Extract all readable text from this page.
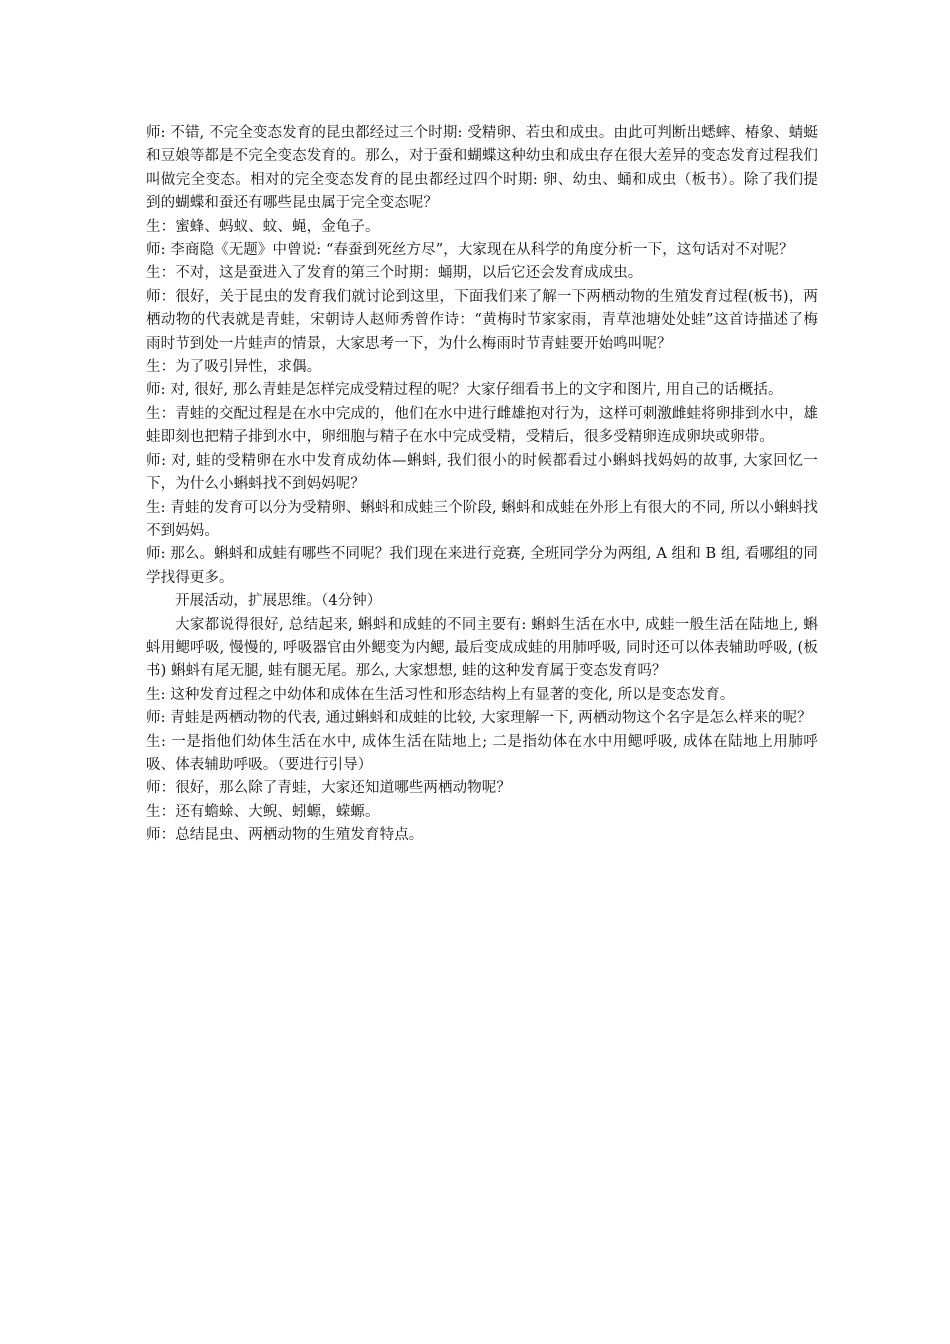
师: 不错, 不完全变态发育的昆虫都经过三个时期: 受精卵、若虫和成虫。由此可判断出蟋蟀、椿象、蜻蜓和豆娘等都是不完全变态发育的。那么，对于蚕和蝴蝶这种幼虫和成虫存在很大差异的变态发育过程我们叫做完全变态。相对的完全变态发育的昆虫都经过四个时期: 卵、幼虫、蛹和成虫（板书）。除了我们提到的蝴蝶和蚕还有哪些昆虫属于完全变态呢？

生：蜜蜂、蚂蚁、蚊、蝇，金龟子。

师: 李商隐《无题》中曾说: “春蚕到死丝方尽”，大家现在从科学的角度分析一下，这句话对不对呢？

生：不对，这是蚕进入了发育的第三个时期：蛹期，以后它还会发育成成虫。

师：很好，关于昆虫的发育我们就讨论到这里，下面我们来了解一下两栖动物的生殖发育过程(板书)，两栖动物的代表就是青蛙，宋朝诗人赵师秀曾作诗：“黄梅时节家家雨，青草池塘处处蛙”这首诗描述了梅雨时节到处一片蛙声的情景，大家思考一下，为什么梅雨时节青蛙要开始鸣叫呢？

生：为了吸引异性，求偶。

师: 对, 很好, 那么青蛙是怎样完成受精过程的呢？大家仔细看书上的文字和图片, 用自己的话概括。

生：青蛙的交配过程是在水中完成的，他们在水中进行雌雄抱对行为，这样可刺激雌蛙将卵排到水中，雄蛙即刻也把精子排到水中，卵细胞与精子在水中完成受精，受精后，很多受精卵连成卵块或卵带。

师: 对, 蛙的受精卵在水中发育成幼体—蝌蚪, 我们很小的时候都看过小蝌蚪找妈妈的故事, 大家回忆一下，为什么小蝌蚪找不到妈妈呢？

生: 青蛙的发育可以分为受精卵、蝌蚪和成蛙三个阶段, 蝌蚪和成蛙在外形上有很大的不同, 所以小蝌蚪找不到妈妈。

师: 那么。蝌蚪和成蛙有哪些不同呢？我们现在来进行竞赛, 全班同学分为两组, A 组和 B 组, 看哪组的同学找得更多。

开展活动，扩展思维。（4分钟）

大家都说得很好, 总结起来, 蝌蚪和成蛙的不同主要有: 蝌蚪生活在水中, 成蛙一般生活在陆地上, 蝌蚪用鳃呼吸, 慢慢的, 呼吸器官由外鳃变为内鳃, 最后变成成蛙的用肺呼吸, 同时还可以体表辅助呼吸, (板书) 蝌蚪有尾无腿, 蛙有腿无尾。那么, 大家想想, 蛙的这种发育属于变态发育吗？

生: 这种发育过程之中幼体和成体在生活习性和形态结构上有显著的变化, 所以是变态发育。

师: 青蛙是两栖动物的代表, 通过蝌蚪和成蛙的比较, 大家理解一下, 两栖动物这个名字是怎么样来的呢？

生: 一是指他们幼体生活在水中, 成体生活在陆地上; 二是指幼体在水中用鳃呼吸, 成体在陆地上用肺呼吸、体表辅助呼吸。（要进行引导）

师：很好，那么除了青蛙，大家还知道哪些两栖动物呢？

生：还有蟾蜍、大鲵、蚓螈，蝾螈。

师：总结昆虫、两栖动物的生殖发育特点。
